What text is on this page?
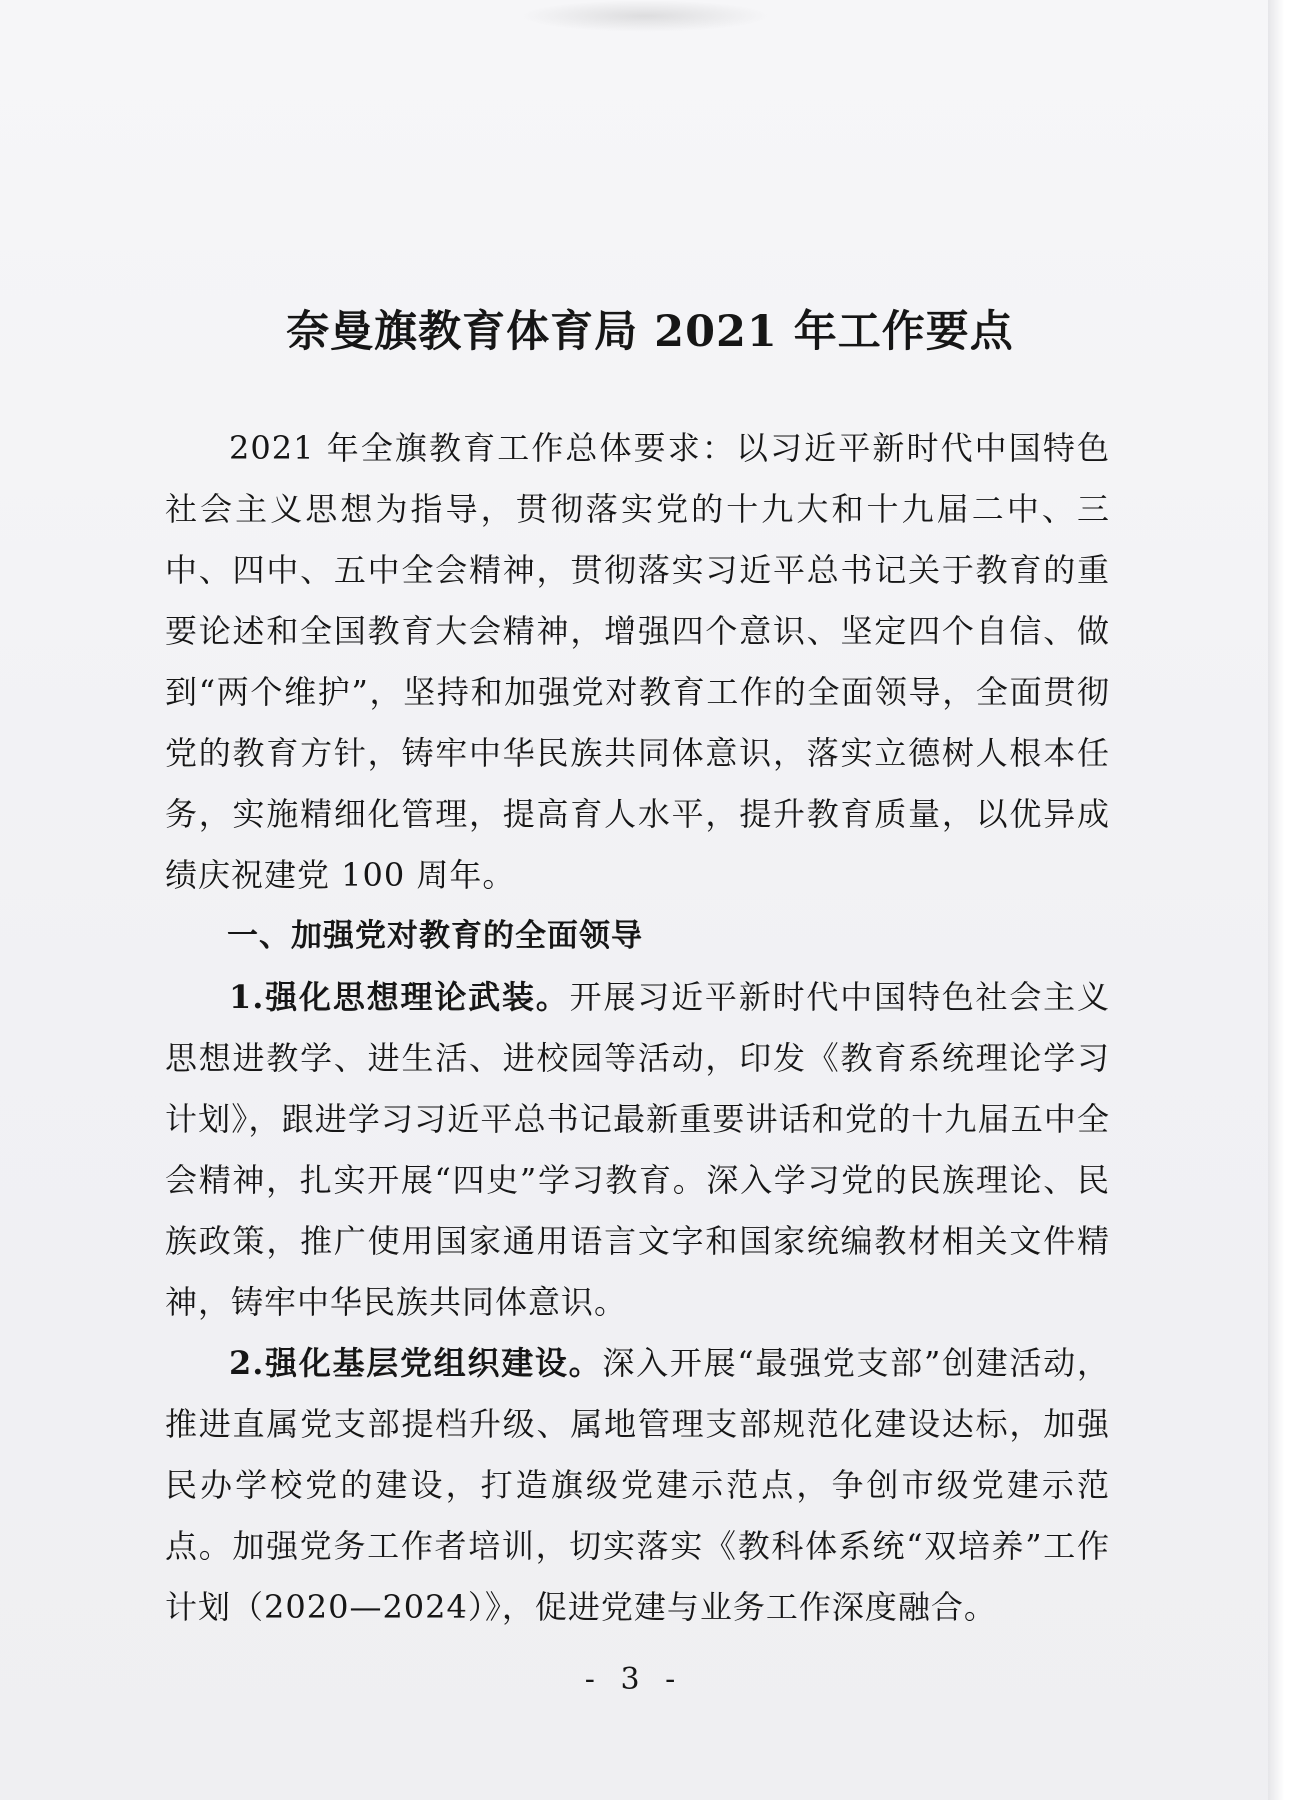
奈曼旗教育体育局 2021 年工作要点

2021 年全旗教育工作总体要求：以习近平新时代中国特色社会主义思想为指导，贯彻落实党的十九大和十九届二中、三中、四中、五中全会精神，贯彻落实习近平总书记关于教育的重要论述和全国教育大会精神，增强四个意识、坚定四个自信、做到“两个维护”，坚持和加强党对教育工作的全面领导，全面贯彻党的教育方针，铸牢中华民族共同体意识，落实立德树人根本任务，实施精细化管理，提高育人水平，提升教育质量，以优异成绩庆祝建党 100 周年。

一、加强党对教育的全面领导

1.强化思想理论武装。开展习近平新时代中国特色社会主义思想进教学、进生活、进校园等活动，印发《教育系统理论学习计划》，跟进学习习近平总书记最新重要讲话和党的十九届五中全会精神，扎实开展“四史”学习教育。深入学习党的民族理论、民族政策，推广使用国家通用语言文字和国家统编教材相关文件精神，铸牢中华民族共同体意识。

2.强化基层党组织建设。深入开展“最强党支部”创建活动，推进直属党支部提档升级、属地管理支部规范化建设达标，加强民办学校党的建设，打造旗级党建示范点，争创市级党建示范点。加强党务工作者培训，切实落实《教科体系统“双培养”工作计划（2020—2024）》，促进党建与业务工作深度融合。

- 3 -
